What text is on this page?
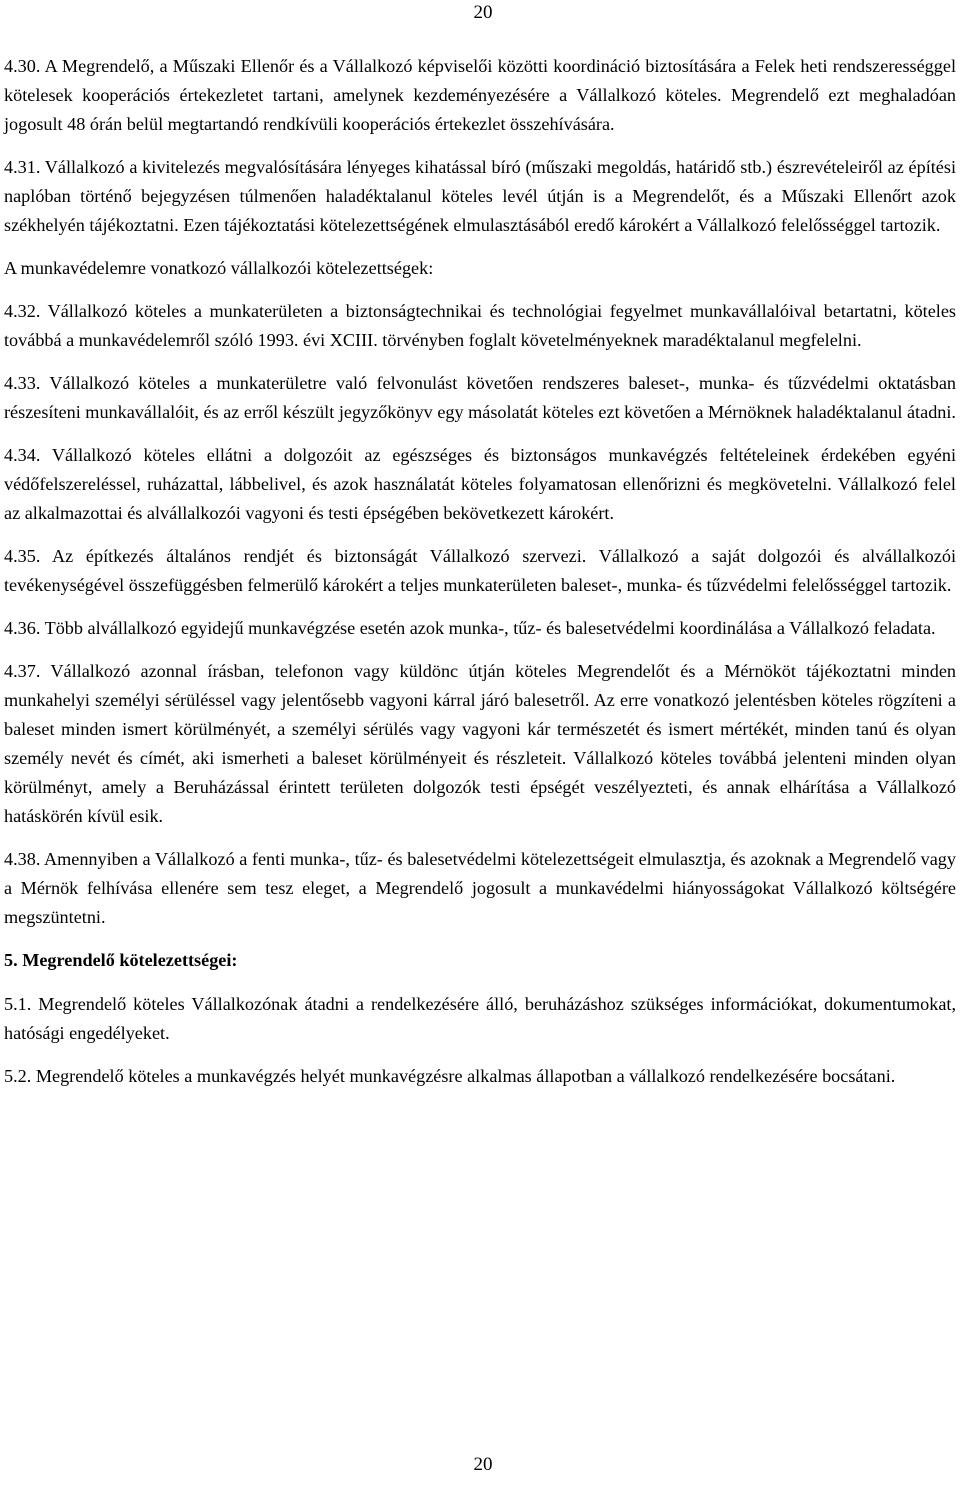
20

4.30. A Megrendelő, a Műszaki Ellenőr és a Vállalkozó képviselői közötti koordináció biztosítására a Felek heti rendszerességgel kötelesek kooperációs értekezletet tartani, amelynek kezdeményezésére a Vállalkozó köteles. Megrendelő ezt meghaladóan jogosult 48 órán belül megtartandó rendkívüli kooperációs értekezlet összehívására.

4.31. Vállalkozó a kivitelezés megvalósítására lényeges kihatással bíró (műszaki megoldás, határidő stb.) észrevételeiről az építési naplóban történő bejegyzésen túlmenően haladéktalanul köteles levél útján is a Megrendelőt, és a Műszaki Ellenőrt azok székhelyén tájékoztatni. Ezen tájékoztatási kötelezettségének elmulasztásából eredő károkért a Vállalkozó felelősséggel tartozik.

A munkavédelemre vonatkozó vállalkozói kötelezettségek:

4.32. Vállalkozó köteles a munkaterületen a biztonságtechnikai és technológiai fegyelmet munkavállalóival betartatni, köteles továbbá a munkavédelemről szóló 1993. évi XCIII. törvényben foglalt követelményeknek maradéktalanul megfelelni.

4.33. Vállalkozó köteles a munkaterületre való felvonulást követően rendszeres baleset-, munka- és tűzvédelmi oktatásban részesíteni munkavállalóit, és az erről készült jegyzőkönyv egy másolatát köteles ezt követően a Mérnöknek haladéktalanul átadni.

4.34. Vállalkozó köteles ellátni a dolgozóit az egészséges és biztonságos munkavégzés feltételeinek érdekében egyéni védőfelszereléssel, ruházattal, lábbelivel, és azok használatát köteles folyamatosan ellenőrizni és megkövetelni. Vállalkozó felel az alkalmazottai és alvállalkozói vagyoni és testi épségében bekövetkezett károkért.

4.35. Az építkezés általános rendjét és biztonságát Vállalkozó szervezi. Vállalkozó a saját dolgozói és alvállalkozói tevékenységével összefüggésben felmerülő károkért a teljes munkaterületen baleset-, munka- és tűzvédelmi felelősséggel tartozik.

4.36. Több alvállalkozó egyidejű munkavégzése esetén azok munka-, tűz- és balesetvédelmi koordinálása a Vállalkozó feladata.

4.37. Vállalkozó azonnal írásban, telefonon vagy küldönc útján köteles Megrendelőt és a Mérnököt tájékoztatni minden munkahelyi személyi sérüléssel vagy jelentősebb vagyoni kárral járó balesetről. Az erre vonatkozó jelentésben köteles rögzíteni a baleset minden ismert körülményét, a személyi sérülés vagy vagyoni kár természetét és ismert mértékét, minden tanú és olyan személy nevét és címét, aki ismerheti a baleset körülményeit és részleteit. Vállalkozó köteles továbbá jelenteni minden olyan körülményt, amely a Beruházással érintett területen dolgozók testi épségét veszélyezteti, és annak elhárítása a Vállalkozó hatáskörén kívül esik.

4.38. Amennyiben a Vállalkozó a fenti munka-, tűz- és balesetvédelmi kötelezettségeit elmulasztja, és azoknak a Megrendelő vagy a Mérnök felhívása ellenére sem tesz eleget, a Megrendelő jogosult a munkavédelmi hiányosságokat Vállalkozó költségére megszüntetni.

5. Megrendelő kötelezettségei:

5.1. Megrendelő köteles Vállalkozónak átadni a rendelkezésére álló, beruházáshoz szükséges információkat, dokumentumokat, hatósági engedélyeket.

5.2. Megrendelő köteles a munkavégzés helyét munkavégzésre alkalmas állapotban a vállalkozó rendelkezésére bocsátani.

20
